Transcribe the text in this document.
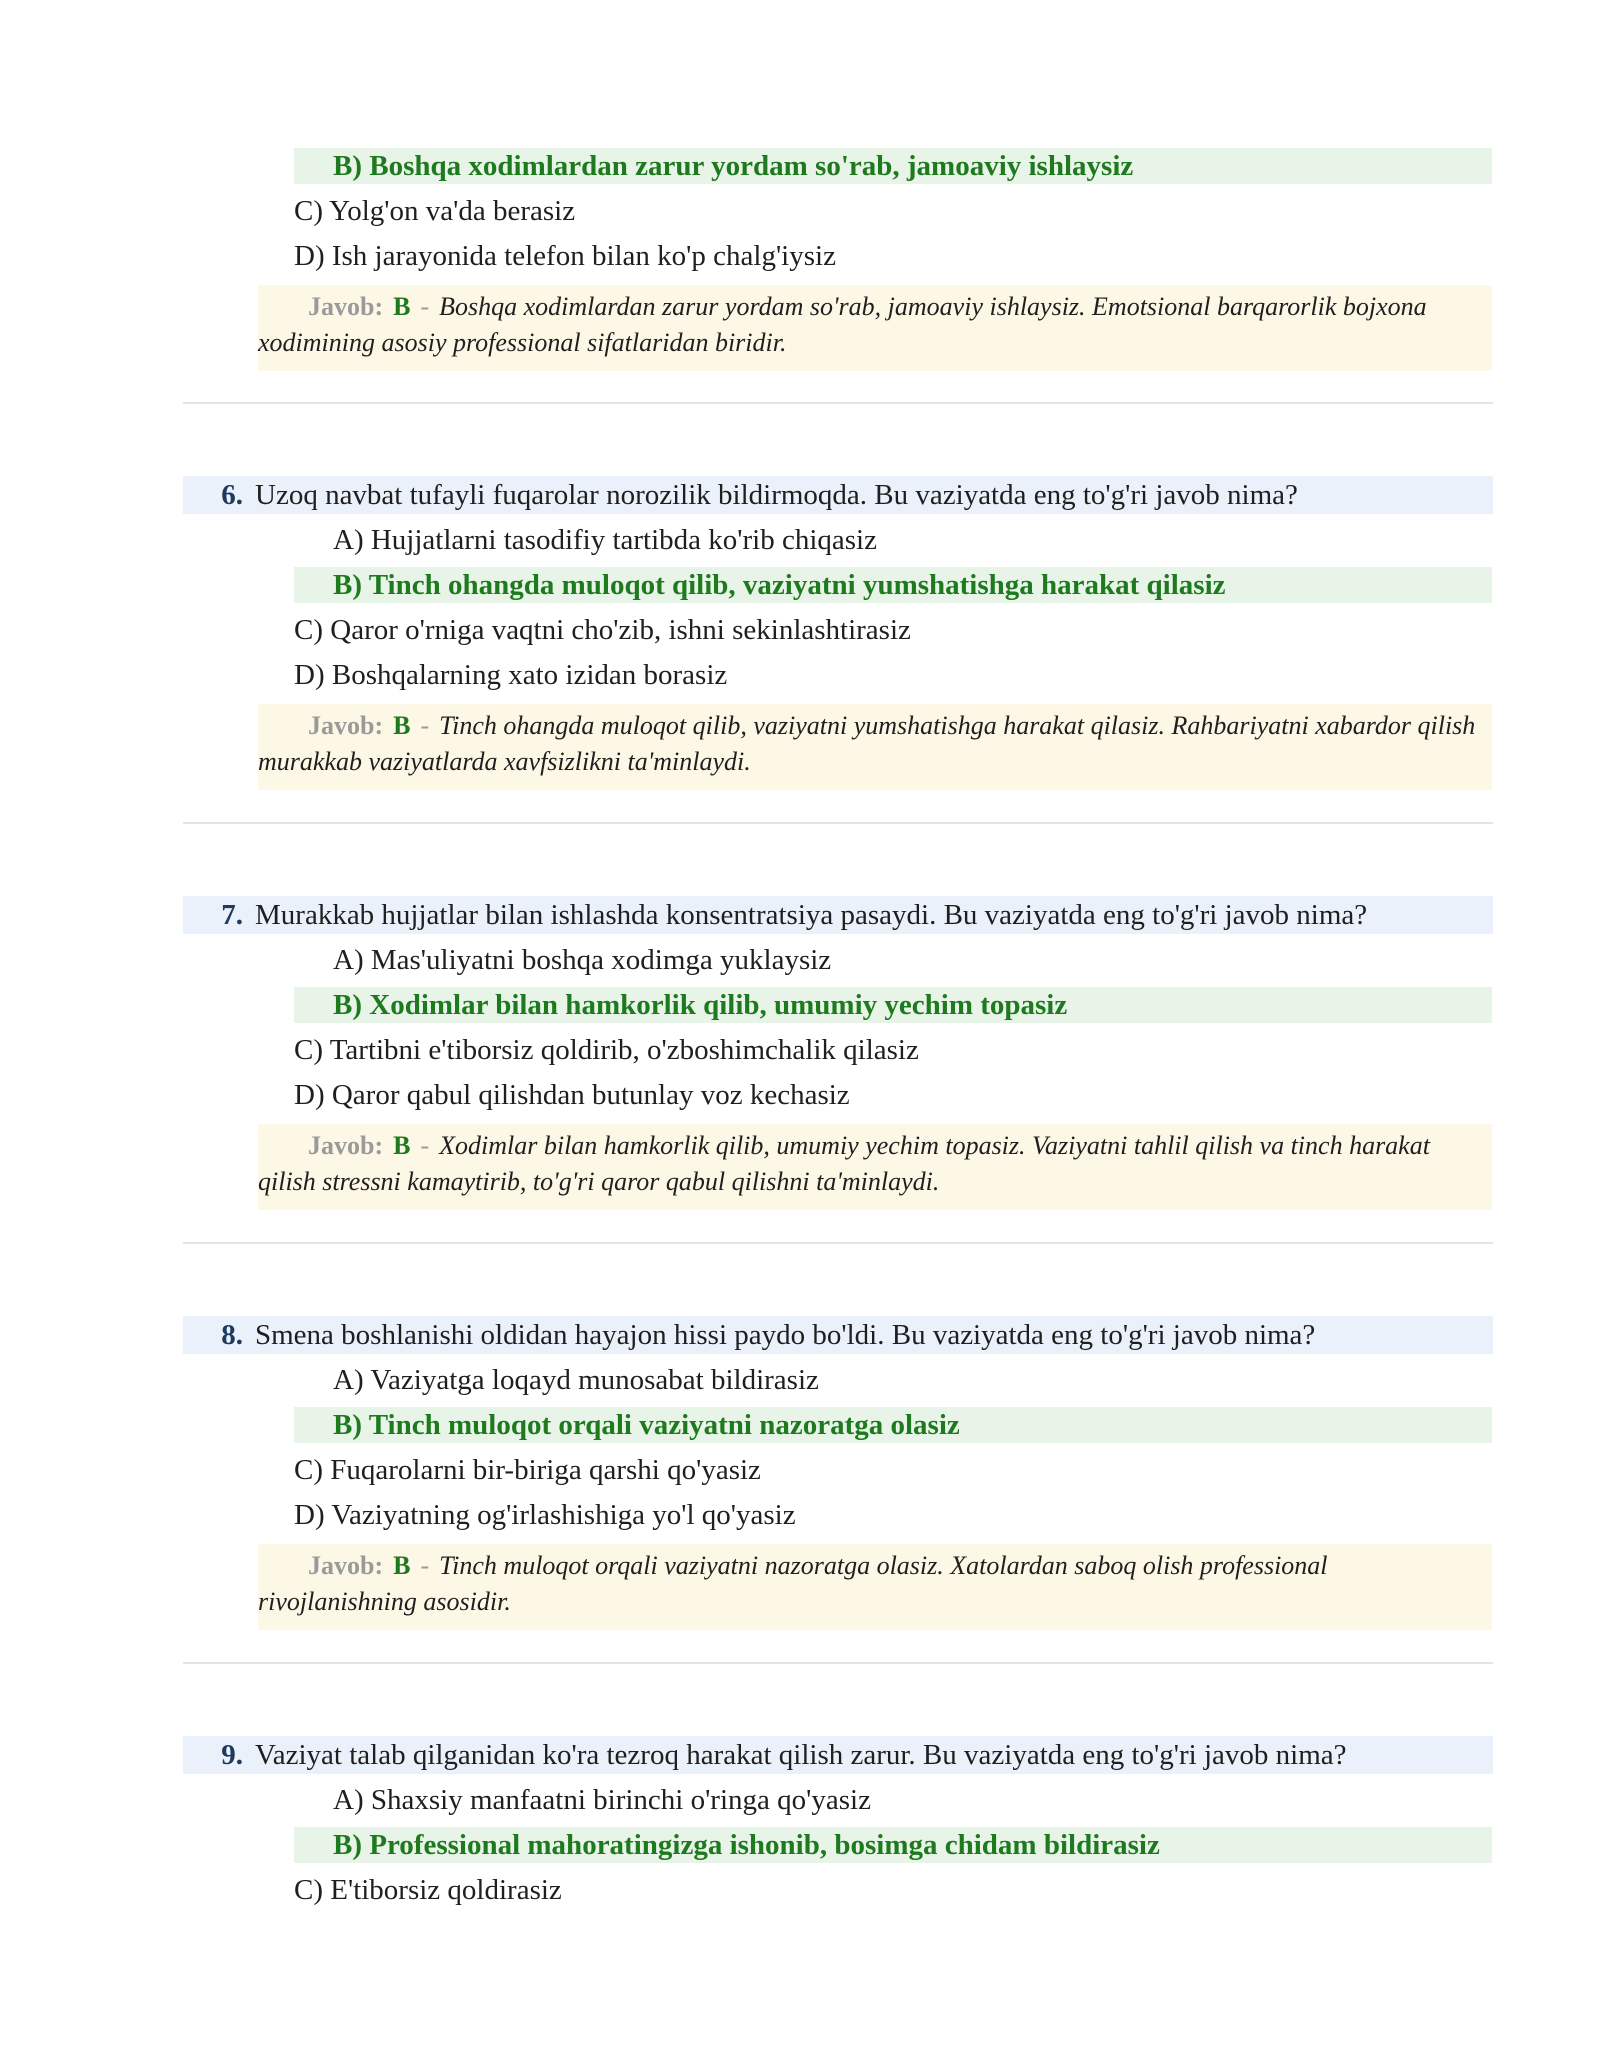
B) Boshqa xodimlardan zarur yordam so'rab, jamoaviy ishlaysiz
C) Yolg'on va'da berasiz
D) Ish jarayonida telefon bilan ko'p chalg'iysiz
Javob: B - Boshqa xodimlardan zarur yordam so'rab, jamoaviy ishlaysiz. Emotsional barqarorlik bojxona xodimining asosiy professional sifatlaridan biridir.
6. Uzoq navbat tufayli fuqarolar norozilik bildirmoqda. Bu vaziyatda eng to'g'ri javob nima?
A) Hujjatlarni tasodifiy tartibda ko'rib chiqasiz
B) Tinch ohangda muloqot qilib, vaziyatni yumshatishga harakat qilasiz
C) Qaror o'rniga vaqtni cho'zib, ishni sekinlashtirasiz
D) Boshqalarning xato izidan borasiz
Javob: B - Tinch ohangda muloqot qilib, vaziyatni yumshatishga harakat qilasiz. Rahbariyatni xabardor qilish murakkab vaziyatlarda xavfsizlikni ta'minlaydi.
7. Murakkab hujjatlar bilan ishlashda konsentratsiya pasaydi. Bu vaziyatda eng to'g'ri javob nima?
A) Mas'uliyatni boshqa xodimga yuklaysiz
B) Xodimlar bilan hamkorlik qilib, umumiy yechim topasiz
C) Tartibni e'tiborsiz qoldirib, o'zboshimchalik qilasiz
D) Qaror qabul qilishdan butunlay voz kechasiz
Javob: B - Xodimlar bilan hamkorlik qilib, umumiy yechim topasiz. Vaziyatni tahlil qilish va tinch harakat qilish stressni kamaytirib, to'g'ri qaror qabul qilishni ta'minlaydi.
8. Smena boshlanishi oldidan hayajon hissi paydo bo'ldi. Bu vaziyatda eng to'g'ri javob nima?
A) Vaziyatga loqayd munosabat bildirasiz
B) Tinch muloqot orqali vaziyatni nazoratga olasiz
C) Fuqarolarni bir-biriga qarshi qo'yasiz
D) Vaziyatning og'irlashishiga yo'l qo'yasiz
Javob: B - Tinch muloqot orqali vaziyatni nazoratga olasiz. Xatolardan saboq olish professional rivojlanishning asosidir.
9. Vaziyat talab qilganidan ko'ra tezroq harakat qilish zarur. Bu vaziyatda eng to'g'ri javob nima?
A) Shaxsiy manfaatni birinchi o'ringa qo'yasiz
B) Professional mahoratingizga ishonib, bosimga chidam bildirasiz
C) E'tiborsiz qoldirasiz
